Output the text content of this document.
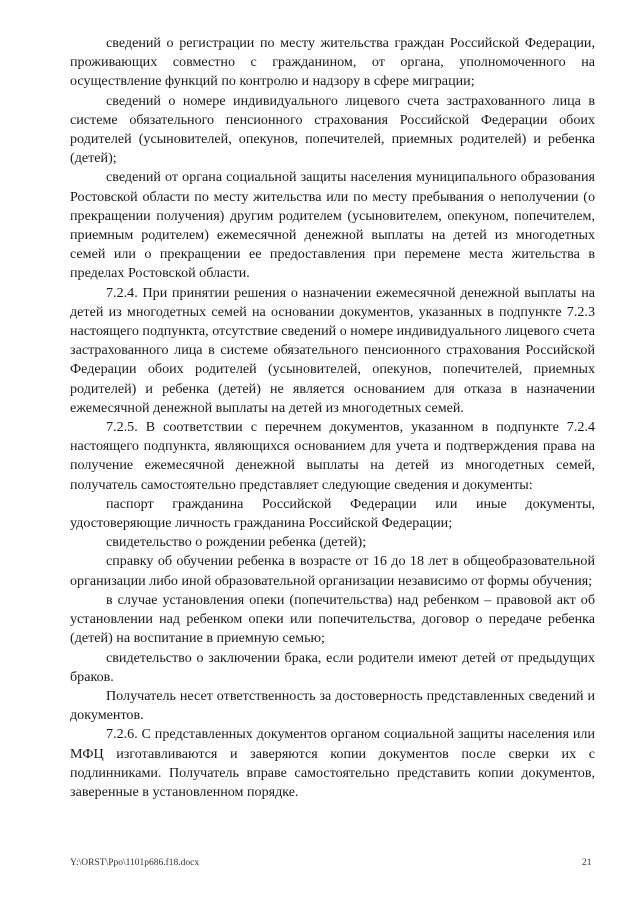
сведений о регистрации по месту жительства граждан Российской Федерации, проживающих совместно с гражданином, от органа, уполномоченного на осуществление функций по контролю и надзору в сфере миграции;

сведений о номере индивидуального лицевого счета застрахованного лица в системе обязательного пенсионного страхования Российской Федерации обоих родителей (усыновителей, опекунов, попечителей, приемных родителей) и ребенка (детей);

сведений от органа социальной защиты населения муниципального образования Ростовской области по месту жительства или по месту пребывания о неполучении (о прекращении получения) другим родителем (усыновителем, опекуном, попечителем, приемным родителем) ежемесячной денежной выплаты на детей из многодетных семей или о прекращении ее предоставления при перемене места жительства в пределах Ростовской области.

7.2.4. При принятии решения о назначении ежемесячной денежной выплаты на детей из многодетных семей на основании документов, указанных в подпункте 7.2.3 настоящего подпункта, отсутствие сведений о номере индивидуального лицевого счета застрахованного лица в системе обязательного пенсионного страхования Российской Федерации обоих родителей (усыновителей, опекунов, попечителей, приемных родителей) и ребенка (детей) не является основанием для отказа в назначении ежемесячной денежной выплаты на детей из многодетных семей.

7.2.5. В соответствии с перечнем документов, указанном в подпункте 7.2.4 настоящего подпункта, являющихся основанием для учета и подтверждения права на получение ежемесячной денежной выплаты на детей из многодетных семей, получатель самостоятельно представляет следующие сведения и документы:

паспорт гражданина Российской Федерации или иные документы, удостоверяющие личность гражданина Российской Федерации;

свидетельство о рождении ребенка (детей);

справку об обучении ребенка в возрасте от 16 до 18 лет в общеобразовательной организации либо иной образовательной организации независимо от формы обучения;

в случае установления опеки (попечительства) над ребенком – правовой акт об установлении над ребенком опеки или попечительства, договор о передаче ребенка (детей) на воспитание в приемную семью;

свидетельство о заключении брака, если родители имеют детей от предыдущих браков.

Получатель несет ответственность за достоверность представленных сведений и документов.

7.2.6. С представленных документов органом социальной защиты населения или МФЦ изготавливаются и заверяются копии документов после сверки их с подлинниками. Получатель вправе самостоятельно представить копии документов, заверенные в установленном порядке.

Y:\ORST\Ppo\1101p686.f18.docx	21
